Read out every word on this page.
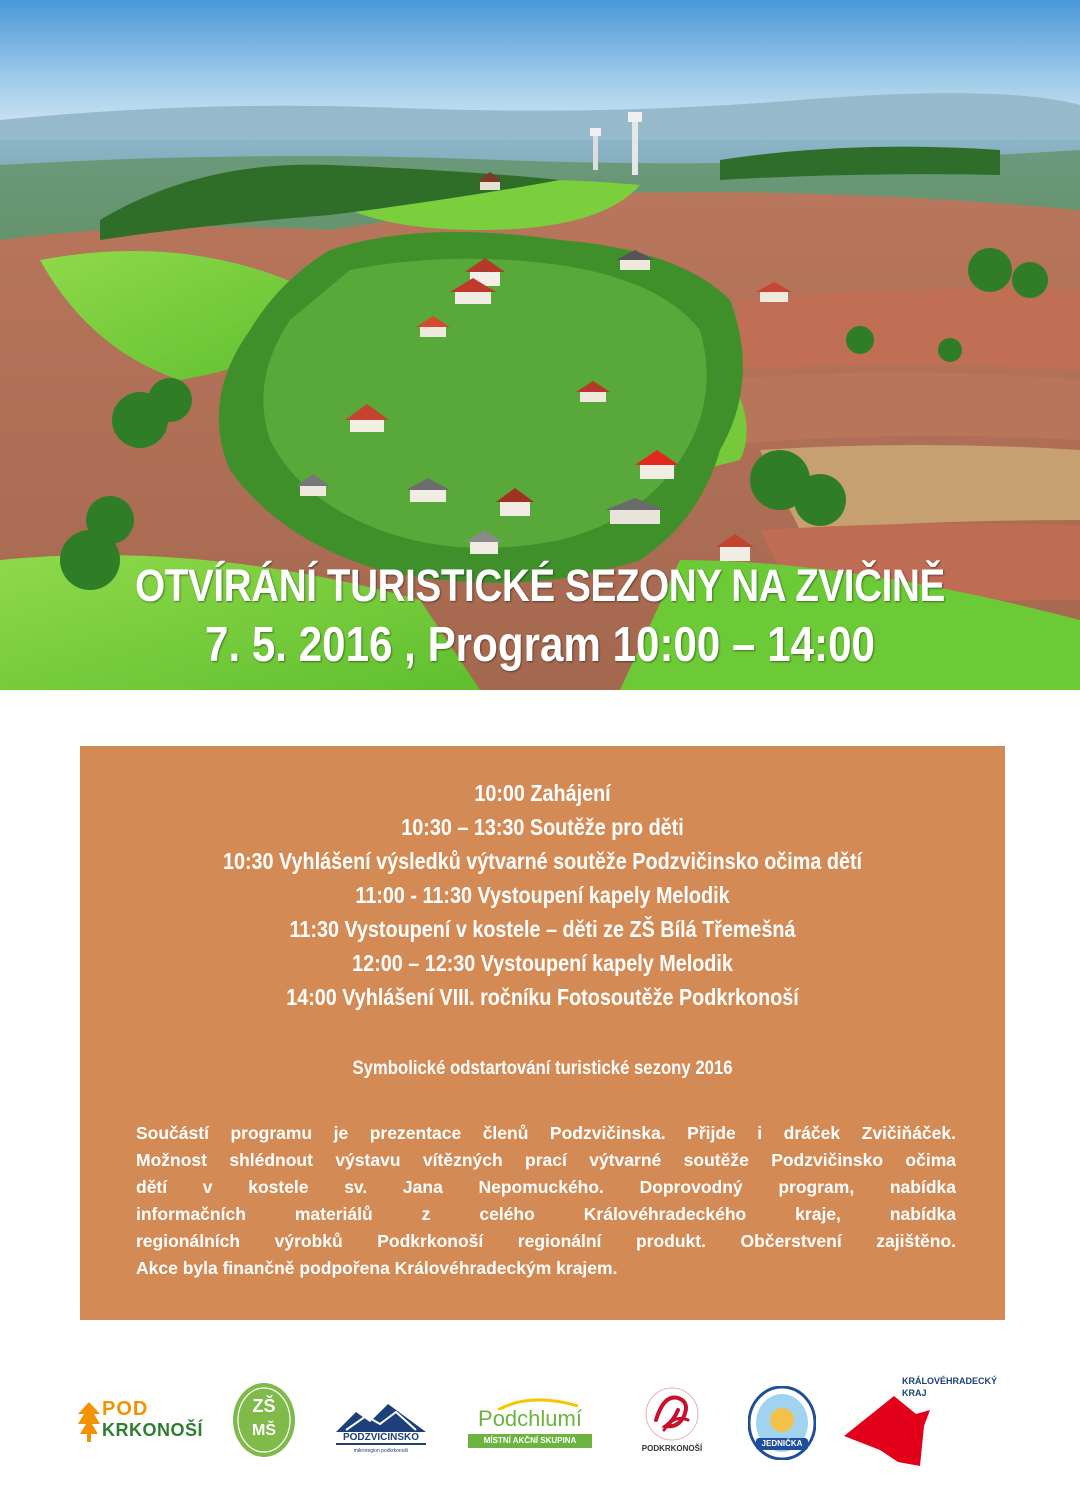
OTVÍRÁNÍ TURISTICKÉ SEZONY NA ZVIČINĚ
7. 5. 2016 , Program 10:00 – 14:00
10:00 Zahájení
10:30 – 13:30 Soutěže pro děti
10:30 Vyhlášení výsledků výtvarné soutěže Podzvičinsko očima dětí
11:00 - 11:30 Vystoupení kapely Melodik
11:30 Vystoupení v kostele – děti ze ZŠ Bílá Třemešná
12:00 – 12:30 Vystoupení kapely Melodik
14:00 Vyhlášení VIII. ročníku Fotosoutěže Podkrkonoší
Symbolické odstartování turistické sezony 2016
Součástí programu je prezentace členů Podzvičinska. Přijde i dráček Zvičiňáček.
Možnost shlédnout výstavu vítězných prací výtvarné soutěže Podzvičinsko očima
dětí v kostele sv. Jana Nepomuckého. Doprovodný program, nabídka
informačních materiálů z celého Královéhradeckého kraje, nabídka
regionálních výrobků Podkrkonoší regionální produkt. Občerstvení zajištěno.
Akce byla finančně podpořena Královéhradeckým krajem.
POD
KRKONOŠÍ
ZŠ
MŠ	PODZVIČINSKO
mikroregion podkrkonoší
Podchlumí
MÍSTNÍ AKČNÍ SKUPINA
PODKRKONOŠÍ
JEDNIČKA
KRÁLOVÉHRADECKÝ
KRAJ
